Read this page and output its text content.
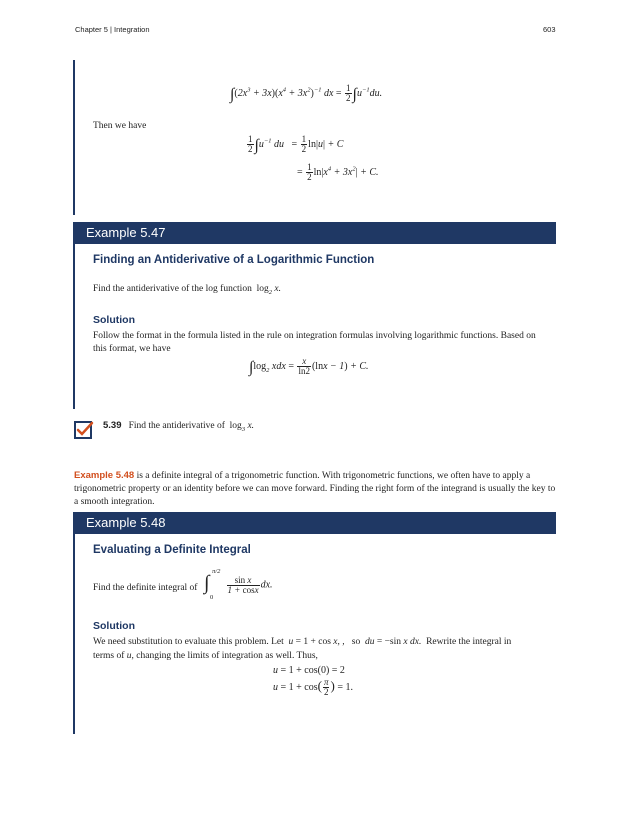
Chapter 5 | Integration	603
$\int(2x^3 + 3x)(x^4 + 3x^2)^{-1}$ dx = $\frac{1}{2} \int u^{-1}du$.
Then we have
$\frac{1}{2} \int u^{-1}$ du = $\frac{1}{2} \ln|u| + C$
= $\frac{1}{2} \ln|x^4 + 3x^2| + C$.
Example 5.47
Finding an Antiderivative of a Logarithmic Function
Find the antiderivative of the log function $\log_2 x$.
Solution
Follow the format in the formula listed in the rule on integration formulas involving logarithmic functions. Based on this format, we have
$\int\log_2$ xdx = $\frac{x}{\ln 2} (\ln x - 1) + C$.
5.39 Find the antiderivative of $\log_3 x$.
Example 5.48 is a definite integral of a trigonometric function. With trigonometric functions, we often have to apply a trigonometric property or an identity before we can move forward. Finding the right form of the integrand is usually the key to a smooth integration.
Example 5.48
Evaluating a Definite Integral
Find the definite integral of ∫
π/2
0

$\frac{\text{sin x}}{1 + \cos x}$ dx.
Solution
We need substitution to evaluate this problem. Let u = 1 + cos x, , so du = −sin x dx. Rewrite the integral in
terms of u, changing the limits of integration as well. Thus,
u = 1 + cos(0) = 2
$u = 1 + \cos( \frac{\pi}{2}$ ) = 1.
